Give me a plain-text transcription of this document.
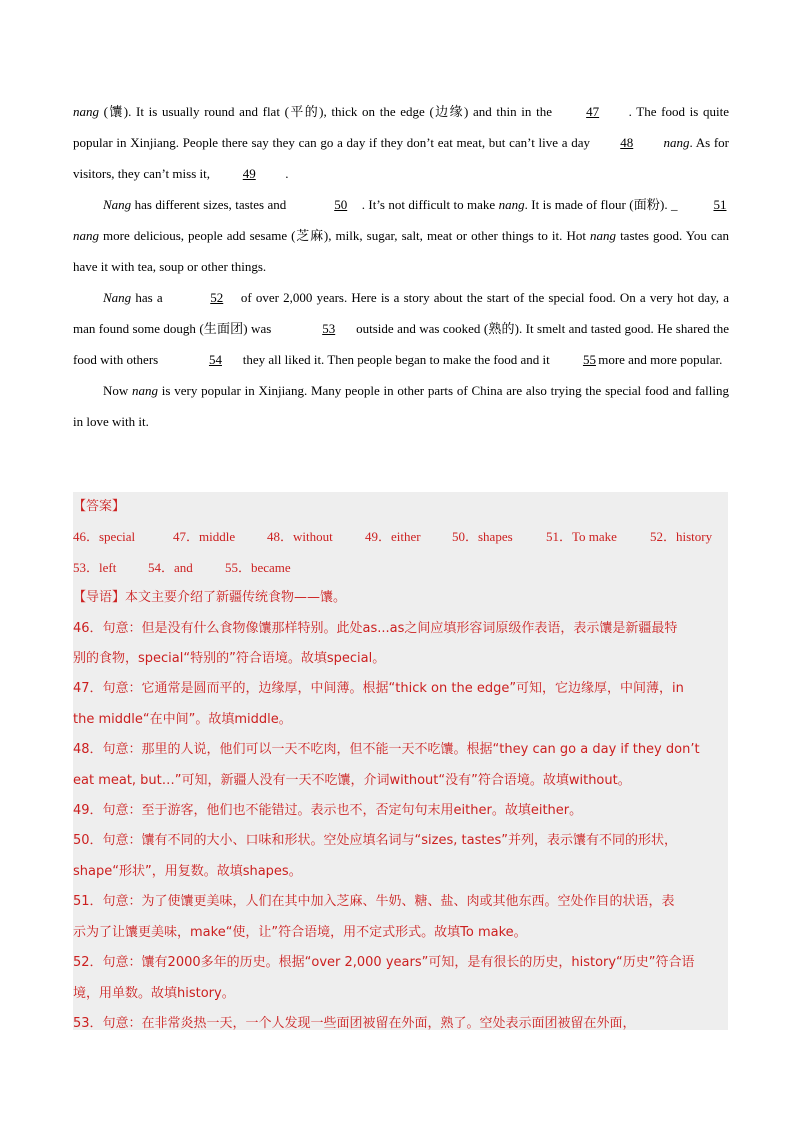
nang (馕). It is usually round and flat (平的), thick on the edge (边缘) and thin in the 47 . The food is quite popular in Xinjiang. People there say they can go a day if they don’t eat meat, but can’t live a day 48 nang. As for visitors, they can’t miss it, 49 .

Nang has different sizes, tastes and	50 . It’s not difficult to make nang. It is made of flour (面粉). _	51 nang more delicious, people add sesame (芝麻), milk, sugar, salt, meat or other things to it. Hot nang tastes good. You can have it with tea, soup or other things.

Nang has a	52 of over 2,000 years. Here is a story about the start of the special food. On a very hot day, a man found some dough (生面团) was	53 outside and was cooked (熟的). It smelt and tasted good. He shared the food with others	54 they all liked it. Then people began to make the food and it 55 more and more popular.

Now nang is very popular in Xinjiang. Many people in other parts of China are also trying the special food and falling in love with it.

【答案】
46．special	47．middle	48．without	49．either	50．shapes	51．To make	52．history
53．left	54．and	55．became
【导语】本文主要介绍了新疆传统食物——馕。
46．句意：但是没有什么食物像馕那样特别。此处as...as之间应填形容词原级作表语，表示馕是新疆最特
别的食物，special“特别的”符合语境。故填special。
47．句意：它通常是圆而平的，边缘厚，中间薄。根据“thick on the edge”可知，它边缘厚，中间薄，in
the middle“在中间”。故填middle。
48．句意：那里的人说，他们可以一天不吃肉，但不能一天不吃馕。根据“they can go a day if they don’t
eat meat, but…”可知，新疆人没有一天不吃馕，介词without“没有”符合语境。故填without。
49．句意：至于游客，他们也不能错过。表示也不，否定句句末用either。故填either。
50．句意：馕有不同的大小、口味和形状。空处应填名词与“sizes, tastes”并列，表示馕有不同的形状，
shape“形状”，用复数。故填shapes。
51．句意：为了使馕更美味，人们在其中加入芝麻、牛奶、糖、盐、肉或其他东西。空处作目的状语，表
示为了让馕更美味，make“使，让”符合语境，用不定式形式。故填To make。
52．句意：馕有2000多年的历史。根据“over 2,000 years”可知，是有很长的历史，history“历史”符合语
境，用单数。故填history。
53．句意：在非常炎热一天，一个人发现一些面团被留在外面，熟了。空处表示面团被留在外面，
